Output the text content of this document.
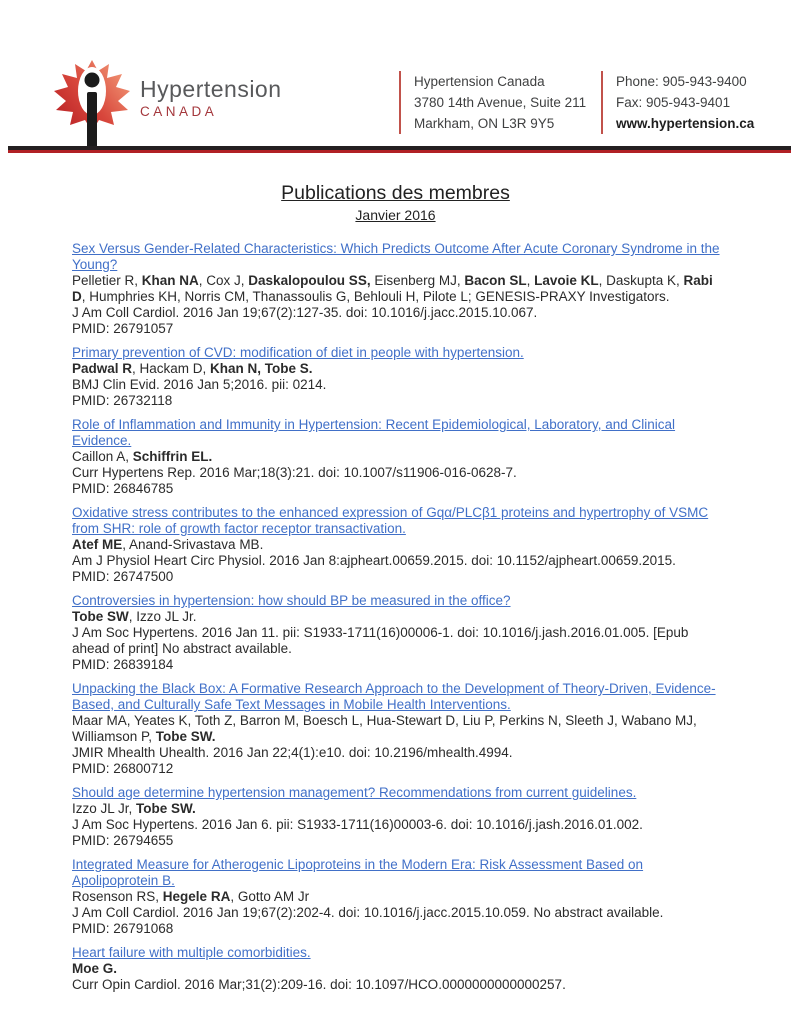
Hypertension
CANADA
Hypertension Canada
3780 14th Avenue, Suite 211
Markham, ON L3R 9Y5
Phone: 905-943-9400
Fax: 905-943-9401
www.hypertension.ca
Publications des membres
Janvier 2016
Sex Versus Gender-Related Characteristics: Which Predicts Outcome After Acute Coronary Syndrome in the Young?
Pelletier R, Khan NA, Cox J, Daskalopoulou SS, Eisenberg MJ, Bacon SL, Lavoie KL, Daskupta K, Rabi D, Humphries KH, Norris CM, Thanassoulis G, Behlouli H, Pilote L; GENESIS-PRAXY Investigators.
J Am Coll Cardiol. 2016 Jan 19;67(2):127-35. doi: 10.1016/j.jacc.2015.10.067.
PMID: 26791057
Primary prevention of CVD: modification of diet in people with hypertension.
Padwal R, Hackam D, Khan N, Tobe S.
BMJ Clin Evid. 2016 Jan 5;2016. pii: 0214.
PMID: 26732118
Role of Inflammation and Immunity in Hypertension: Recent Epidemiological, Laboratory, and Clinical Evidence.
Caillon A, Schiffrin EL.
Curr Hypertens Rep. 2016 Mar;18(3):21. doi: 10.1007/s11906-016-0628-7.
PMID: 26846785
Oxidative stress contributes to the enhanced expression of Gqα/PLCβ1 proteins and hypertrophy of VSMC from SHR: role of growth factor receptor transactivation.
Atef ME, Anand-Srivastava MB.
Am J Physiol Heart Circ Physiol. 2016 Jan 8:ajpheart.00659.2015. doi: 10.1152/ajpheart.00659.2015.
PMID: 26747500
Controversies in hypertension: how should BP be measured in the office?
Tobe SW, Izzo JL Jr.
J Am Soc Hypertens. 2016 Jan 11. pii: S1933-1711(16)00006-1. doi: 10.1016/j.jash.2016.01.005. [Epub ahead of print] No abstract available.
PMID: 26839184
Unpacking the Black Box: A Formative Research Approach to the Development of Theory-Driven, Evidence-Based, and Culturally Safe Text Messages in Mobile Health Interventions.
Maar MA, Yeates K, Toth Z, Barron M, Boesch L, Hua-Stewart D, Liu P, Perkins N, Sleeth J, Wabano MJ, Williamson P, Tobe SW.
JMIR Mhealth Uhealth. 2016 Jan 22;4(1):e10. doi: 10.2196/mhealth.4994.
PMID: 26800712
Should age determine hypertension management? Recommendations from current guidelines.
Izzo JL Jr, Tobe SW.
J Am Soc Hypertens. 2016 Jan 6. pii: S1933-1711(16)00003-6. doi: 10.1016/j.jash.2016.01.002.
PMID: 26794655
Integrated Measure for Atherogenic Lipoproteins in the Modern Era: Risk Assessment Based on Apolipoprotein B.
Rosenson RS, Hegele RA, Gotto AM Jr
J Am Coll Cardiol. 2016 Jan 19;67(2):202-4. doi: 10.1016/j.jacc.2015.10.059. No abstract available.
PMID: 26791068
Heart failure with multiple comorbidities.
Moe G.
Curr Opin Cardiol. 2016 Mar;31(2):209-16. doi: 10.1097/HCO.0000000000000257.
